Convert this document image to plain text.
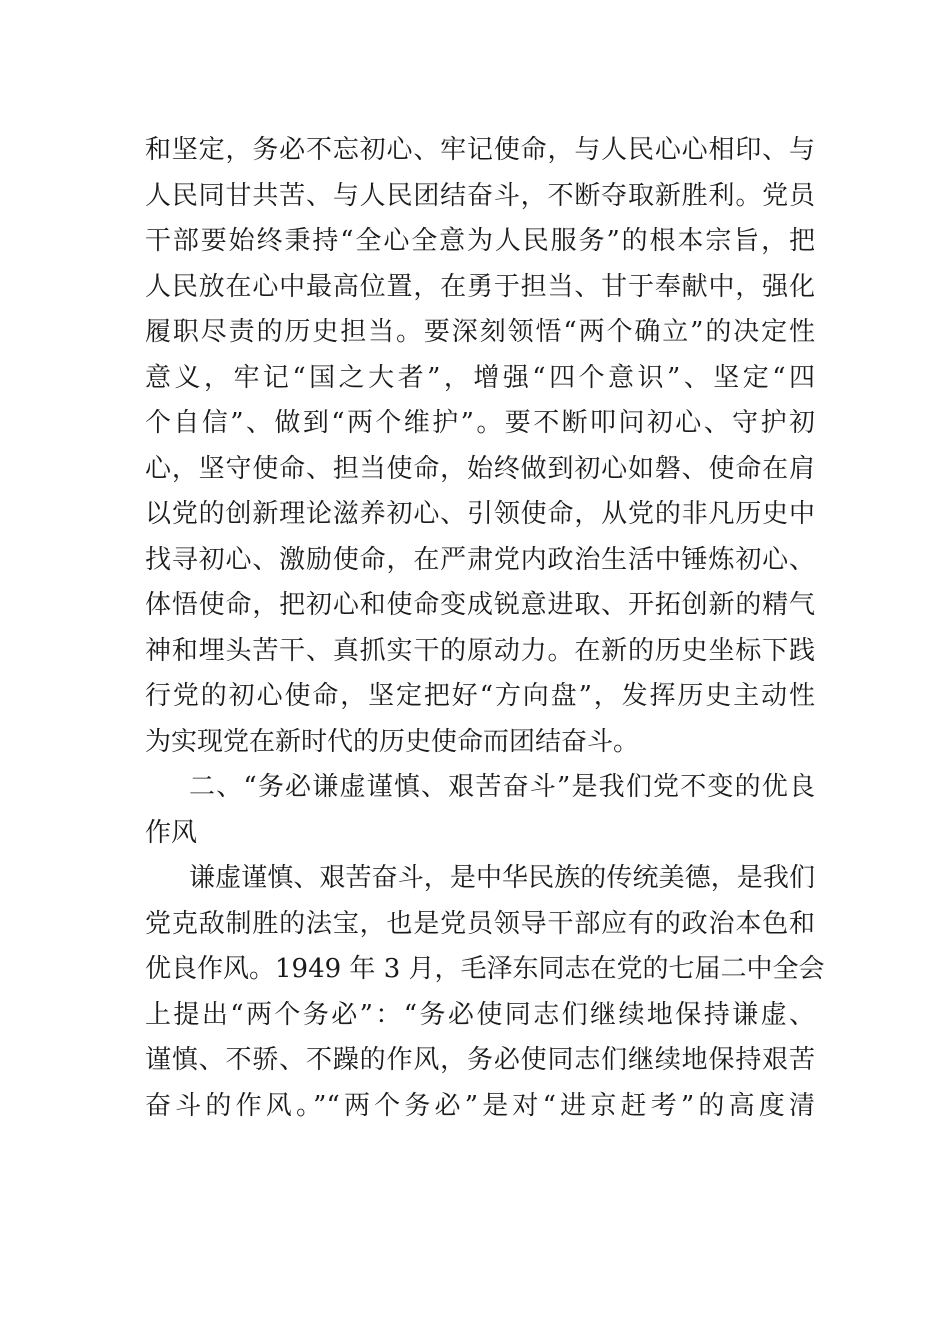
和坚定，务必不忘初心、牢记使命，与人民心心相印、与
人民同甘共苦、与人民团结奋斗，不断夺取新胜利。党员
干部要始终秉持“全心全意为人民服务”的根本宗旨，把
人民放在心中最高位置，在勇于担当、甘于奉献中，强化
履职尽责的历史担当。要深刻领悟“两个确立”的决定性
意义，牢记“国之大者”，增强“四个意识”、坚定“四
个自信”、做到“两个维护”。要不断叩问初心、守护初
心，坚守使命、担当使命，始终做到初心如磐、使命在肩
以党的创新理论滋养初心、引领使命，从党的非凡历史中
找寻初心、激励使命，在严肃党内政治生活中锤炼初心、
体悟使命，把初心和使命变成锐意进取、开拓创新的精气
神和埋头苦干、真抓实干的原动力。在新的历史坐标下践
行党的初心使命，坚定把好“方向盘”，发挥历史主动性
为实现党在新时代的历史使命而团结奋斗。
二、“务必谦虚谨慎、艰苦奋斗”是我们党不变的优良
作风
谦虚谨慎、艰苦奋斗，是中华民族的传统美德，是我们
党克敌制胜的法宝，也是党员领导干部应有的政治本色和
优良作风。1949 年 3 月，毛泽东同志在党的七届二中全会
上提出“两个务必”：“务必使同志们继续地保持谦虚、
谨慎、不骄、不躁的作风，务必使同志们继续地保持艰苦
奋斗的作风。”“两个务必”是对“进京赶考”的高度清
